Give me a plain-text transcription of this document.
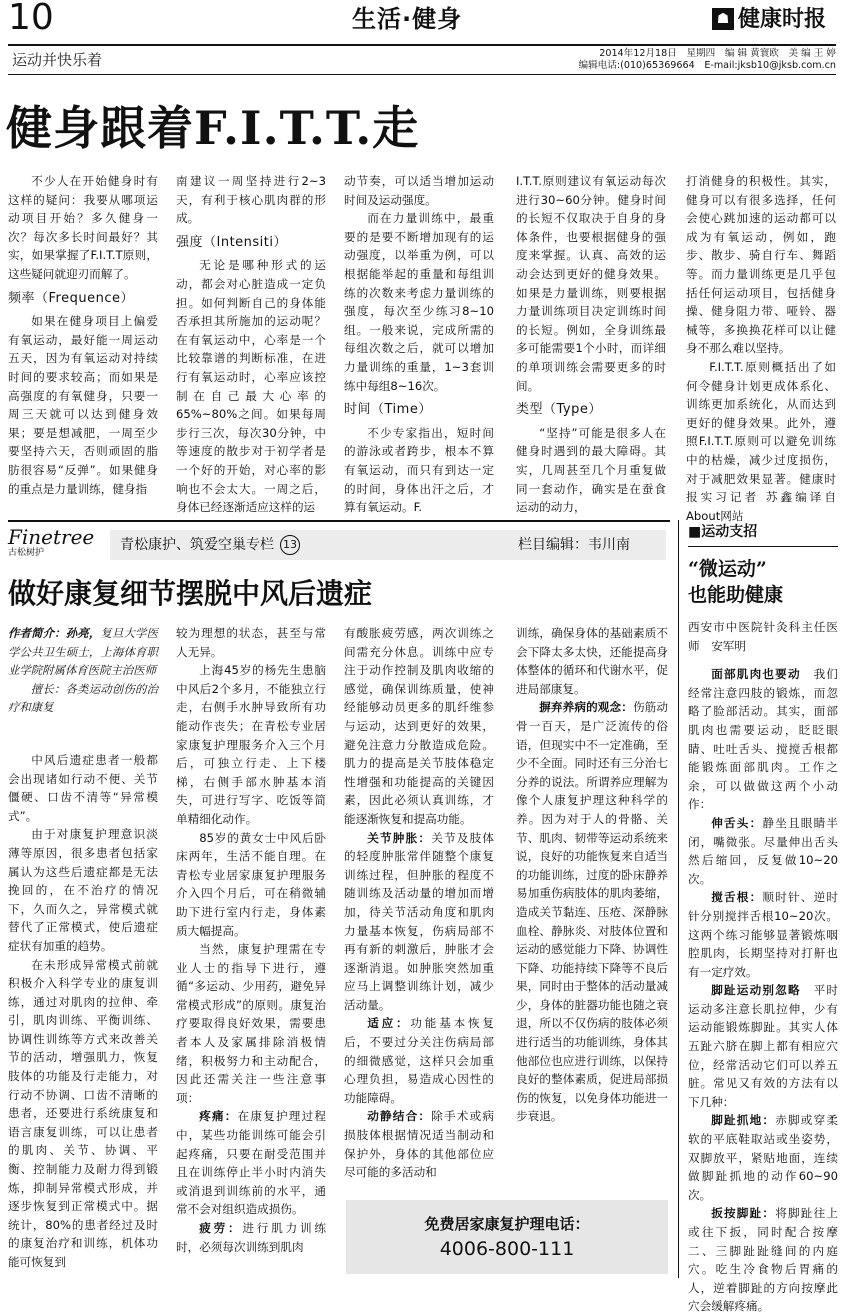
10	生活·健身	☗ 健康时报
运动并快乐着	2014年12月18日　星期四　编 辑 黄寰欧　美 编 王 婷
编辑电话:(010)65369664　E-mail:jksb10@jksb.com.cn
健身跟着F.I.T.T.走

不少人在开始健身时有这样的疑问：我要从哪项运动项目开始？多久健身一次？每次多长时间最好？其实，如果掌握了F.I.T.T原则，这些疑问就迎刃而解了。

频率（Frequence）

如果在健身项目上偏爱有氧运动，最好能一周运动五天，因为有氧运动对持续时间的要求较高；而如果是高强度的有氧健身，只要一周三天就可以达到健身效果；要是想减肥，一周至少要坚持六天，否则顽固的脂肪很容易“反弹”。如果健身的重点是力量训练，健身指

南建议一周坚持进行2~3天，有利于核心肌肉群的形成。

强度（Intensiti）

无论是哪种形式的运动，都会对心脏造成一定负担。如何判断自己的身体能否承担其所施加的运动呢？在有氧运动中，心率是一个比较靠谱的判断标准，在进行有氧运动时，心率应该控制在自己最大心率的65%~80%之间。如果每周步行三次，每次30分钟，中等速度的散步对于初学者是一个好的开始，对心率的影响也不会太大。一周之后，身体已经逐渐适应这样的运

动节奏，可以适当增加运动时间及运动强度。

而在力量训练中，最重要的是要不断增加现有的运动强度，以举重为例，可以根据能举起的重量和每组训练的次数来考虑力量训练的强度，每次至少练习8~10组。一般来说，完成所需的每组次数之后，就可以增加力量训练的重量，1~3套训练中每组8~16次。

时间（Time）

不少专家指出，短时间的游泳或者跨步，根本不算有氧运动，而只有到达一定的时间，身体出汗之后，才算有氧运动。F.

I.T.T.原则建议有氧运动每次进行30~60分钟。健身时间的长短不仅取决于自身的身体条件，也要根据健身的强度来掌握。认真、高效的运动会达到更好的健身效果。如果是力量训练，则要根据力量训练项目决定训练时间的长短。例如，全身训练最多可能需要1个小时，而详细的单项训练会需要更多的时间。

类型（Type）

“坚持”可能是很多人在健身时遇到的最大障碍。其实，几周甚至几个月重复做同一套动作，确实是在蚕食运动的动力，

打消健身的积极性。其实，健身可以有很多选择，任何会使心跳加速的运动都可以成为有氧运动，例如，跑步、散步、骑自行车、舞蹈等。而力量训练更是几乎包括任何运动项目，包括健身操、健身阻力带、哑铃、器械等，多换换花样可以让健身不那么难以坚持。

F.I.T.T.原则概括出了如何令健身计划更成体系化、训练更加系统化，从而达到更好的健身效果。此外，遵照F.I.T.T.原则可以避免训练中的枯燥，减少过度损伤，对于减肥效果显著。健康时报实习记者 苏鑫编译自About网站

Finetree
古松树护	青松康护、筑爱空巢专栏 13	栏目编辑：韦川南
做好康复细节摆脱中风后遗症
作者简介：孙亮，复旦大学医学公共卫生硕士，上海体育职业学院附属体育医院主治医师
擅长：各类运动创伤的治疗和康复

中风后遗症患者一般都会出现诸如行动不便、关节僵硬、口齿不清等“异常模式”。

由于对康复护理意识淡薄等原因，很多患者包括家属认为这些后遗症都是无法挽回的，在不治疗的情况下，久而久之，异常模式就替代了正常模式，使后遗症症状有加重的趋势。

在未形成异常模式前就积极介入科学专业的康复训练，通过对肌肉的拉伸、牵引，肌肉训练、平衡训练、协调性训练等方式来改善关节的活动，增强肌力，恢复肢体的功能及行走能力，对行动不协调、口齿不清晰的患者，还要进行系统康复和语言康复训练，可以让患者的肌肉、关节、协调、平衡、控制能力及耐力得到锻炼，抑制异常模式形成，并逐步恢复到正常模式中。据统计，80%的患者经过及时的康复治疗和训练，机体功能可恢复到

较为理想的状态，甚至与常人无异。

上海45岁的杨先生患脑中风后2个多月，不能独立行走，右侧手水肿导致所有功能动作丧失；在青松专业居家康复护理服务介入三个月后，可独立行走、上下楼梯，右侧手部水肿基本消失，可进行写字、吃饭等简单精细化动作。

85岁的黄女士中风后卧床两年，生活不能自理。在青松专业居家康复护理服务介入四个月后，可在稍微辅助下进行室内行走，身体素质大幅提高。

当然，康复护理需在专业人士的指导下进行，遵循“多运动、少用药，避免异常模式形成”的原则。康复治疗要取得良好效果，需要患者本人及家属排除消极情绪，积极努力和主动配合，因此还需关注一些注意事项：

疼痛：在康复护理过程中，某些功能训练可能会引起疼痛，只要在耐受范围并且在训练停止半小时内消失或消退到训练前的水平，通常不会对组织造成损伤。

疲劳：进行肌力训练时，必须每次训练到肌肉

有酸胀疲劳感，两次训练之间需充分休息。训练中应专注于动作控制及肌肉收缩的感觉，确保训练质量，使神经能够动员更多的肌纤维参与运动，达到更好的效果，避免注意力分散造成危险。肌力的提高是关节肢体稳定性增强和功能提高的关键因素，因此必须认真训练，才能逐渐恢复和提高功能。

关节肿胀：关节及肢体的轻度肿胀常伴随整个康复训练过程，但肿胀的程度不随训练及活动量的增加而增加，待关节活动角度和肌肉力量基本恢复，伤病局部不再有新的刺激后，肿胀才会逐渐消退。如肿胀突然加重应马上调整训练计划，减少活动量。

适应：功能基本恢复后，不要过分关注伤病局部的细微感觉，这样只会加重心理负担，易造成心因性的功能障碍。

动静结合：除手术或病损肢体根据情况适当制动和保护外，身体的其他部位应尽可能的多活动和

训练，确保身体的基础素质不会下降太多太快，还能提高身体整体的循环和代谢水平，促进局部康复。

摒弃养病的观念：伤筋动骨一百天，是广泛流传的俗语，但现实中不一定准确，至少不全面。同时还有三分治七分养的说法。所谓养应理解为像个人康复护理这种科学的养。因为对于人的骨骼、关节、肌肉、韧带等运动系统来说，良好的功能恢复来自适当的功能训练，过度的卧床静养易加重伤病肢体的肌肉萎缩，造成关节黏连、压疮、深静脉血栓、静脉炎、对肢体位置和运动的感觉能力下降、协调性下降、功能持续下降等不良后果，同时由于整体的活动量减少，身体的脏器功能也随之衰退，所以不仅伤病的肢体必须进行适当的功能训练，身体其他部位也应进行训练，以保持良好的整体素质，促进局部损伤的恢复，以免身体功能进一步衰退。

免费居家康复护理电话：
4006-800-111
■运动支招
“微运动”
也能助健康

西安市中医院针灸科主任医师　安军明

面部肌肉也要动　 我们经常注意四肢的锻炼，而忽略了脸部活动。其实，面部肌肉也需要运动，眨眨眼睛、吐吐舌头、搅搅舌根都能锻炼面部肌肉。工作之余，可以做做这两个小动作：

伸舌头：静坐且眼睛半闭，嘴微张。尽量伸出舌头然后缩回，反复做10~20次。

搅舌根：顺时针、逆时针分别搅拌舌根10~20次。这两个练习能够显著锻炼咽腔肌肉，长期坚持对打鼾也有一定疗效。

脚趾运动别忽略　 平时运动多注意长肌拉伸，少有运动能锻炼脚趾。其实人体五趾六脐在脚上都有相应穴位，经常活动它们可以养五脏。常见又有效的方法有以下几种：

脚趾抓地：赤脚或穿柔软的平底鞋取站或坐姿势，双脚放平，紧贴地面，连续做脚趾抓地的动作60~90次。

扳按脚趾：将脚趾往上或往下扳，同时配合按摩二、三脚趾趾缝间的内庭穴。吃生冷食物后胃痛的人，逆着脚趾的方向按摩此穴会缓解疼痛。
